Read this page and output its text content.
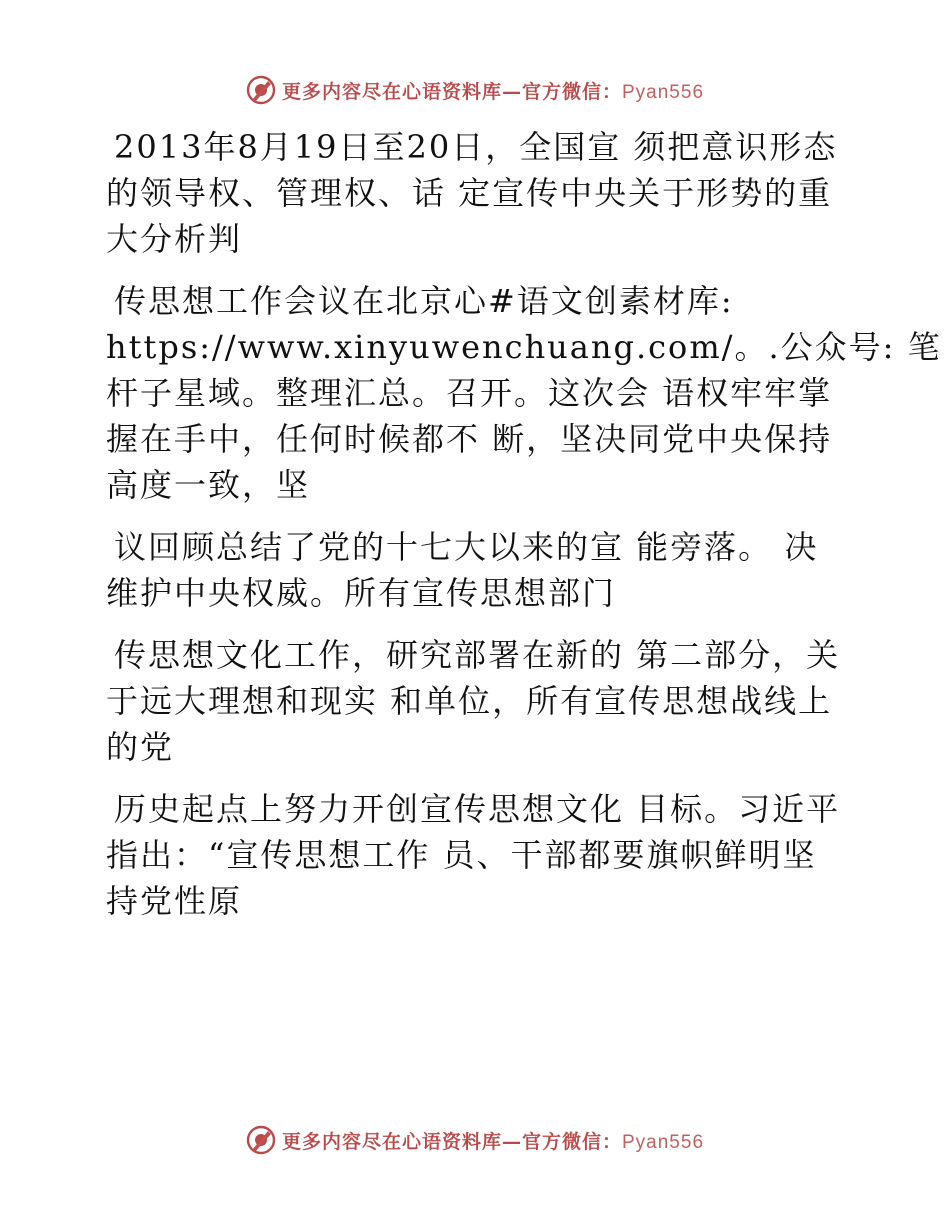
更多内容尽在心语资料库—官方微信：Pyan556

2013年8月19日至20日，全国宣 须把意识形态
的领导权、管理权、话 定宣传中央关于形势的重
大分析判

传思想工作会议在北京心#语文创素材库:
https://www.xinyuwenchuang.com/。.公众号: 笔
杆子星域。整理汇总。召开。这次会 语权牢牢掌
握在手中，任何时候都不 断，坚决同党中央保持
高度一致，坚

议回顾总结了党的十七大以来的宣 能旁落。 决
维护中央权威。所有宣传思想部门

传思想文化工作，研究部署在新的 第二部分，关
于远大理想和现实 和单位，所有宣传思想战线上
的党

历史起点上努力开创宣传思想文化 目标。习近平
指出：“宣传思想工作 员、干部都要旗帜鲜明坚
持党性原

更多内容尽在心语资料库—官方微信：Pyan556
